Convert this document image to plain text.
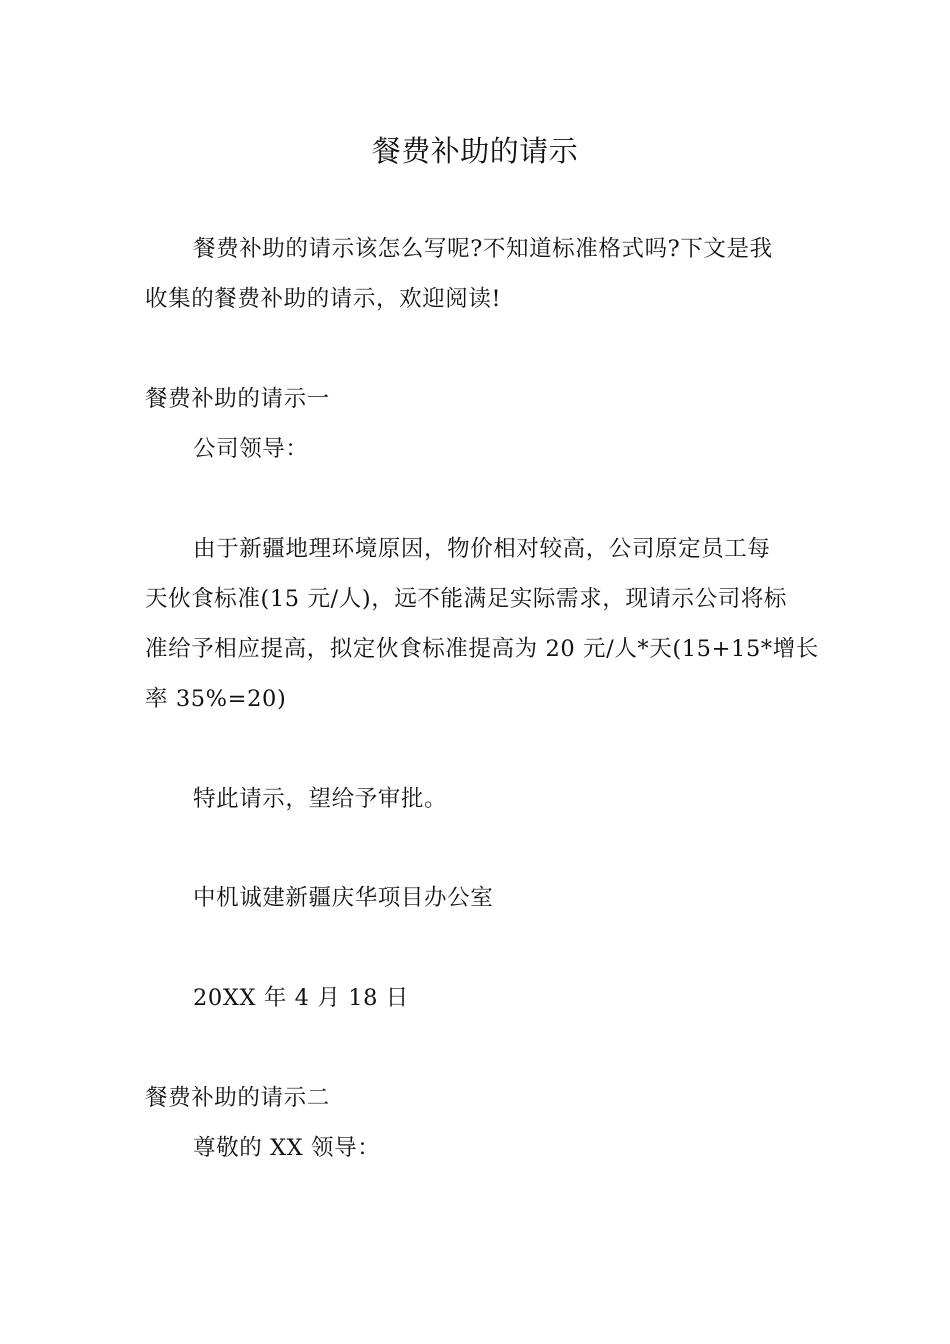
餐费补助的请示
餐费补助的请示该怎么写呢?不知道标准格式吗?下文是我
收集的餐费补助的请示，欢迎阅读!
餐费补助的请示一
公司领导：
由于新疆地理环境原因，物价相对较高，公司原定员工每
天伙食标准(15 元/人)，远不能满足实际需求，现请示公司将标
准给予相应提高，拟定伙食标准提高为 20 元/人*天(15+15*增长
率 35%=20)
特此请示，望给予审批。
中机诚建新疆庆华项目办公室
20XX 年 4 月 18 日
餐费补助的请示二
尊敬的 XX 领导：
